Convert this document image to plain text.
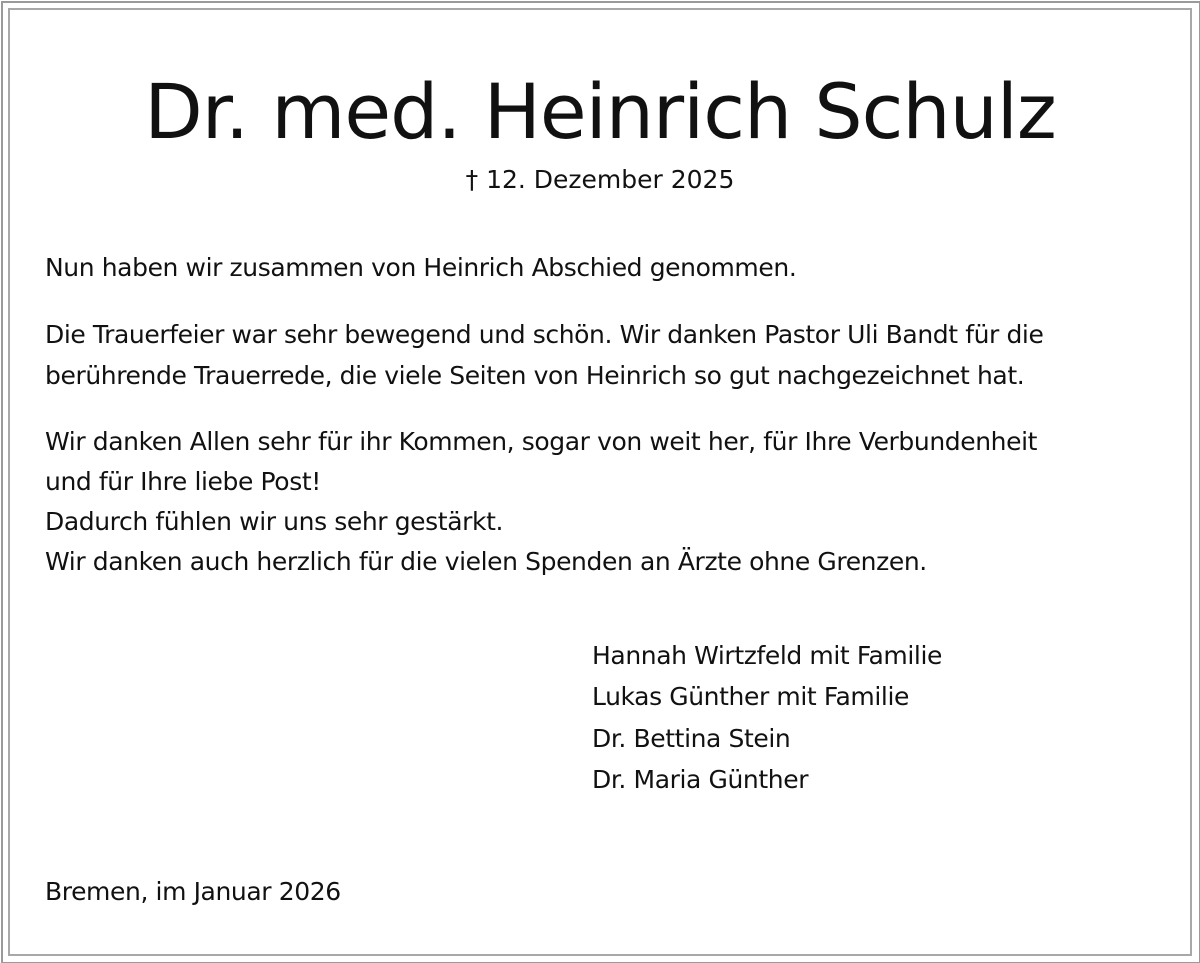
Dr. med. Heinrich Schulz
† 12. Dezember 2025
Nun haben wir zusammen von Heinrich Abschied genommen.
Die Trauerfeier war sehr bewegend und schön. Wir danken Pastor Uli Bandt für die
berührende Trauerrede, die viele Seiten von Heinrich so gut nachgezeichnet hat.
Wir danken Allen sehr für ihr Kommen, sogar von weit her, für Ihre Verbundenheit
und für Ihre liebe Post!
Dadurch fühlen wir uns sehr gestärkt.
Wir danken auch herzlich für die vielen Spenden an Ärzte ohne Grenzen.
Hannah Wirtzfeld mit Familie
Lukas Günther mit Familie
Dr. Bettina Stein
Dr. Maria Günther
Bremen, im Januar 2026
